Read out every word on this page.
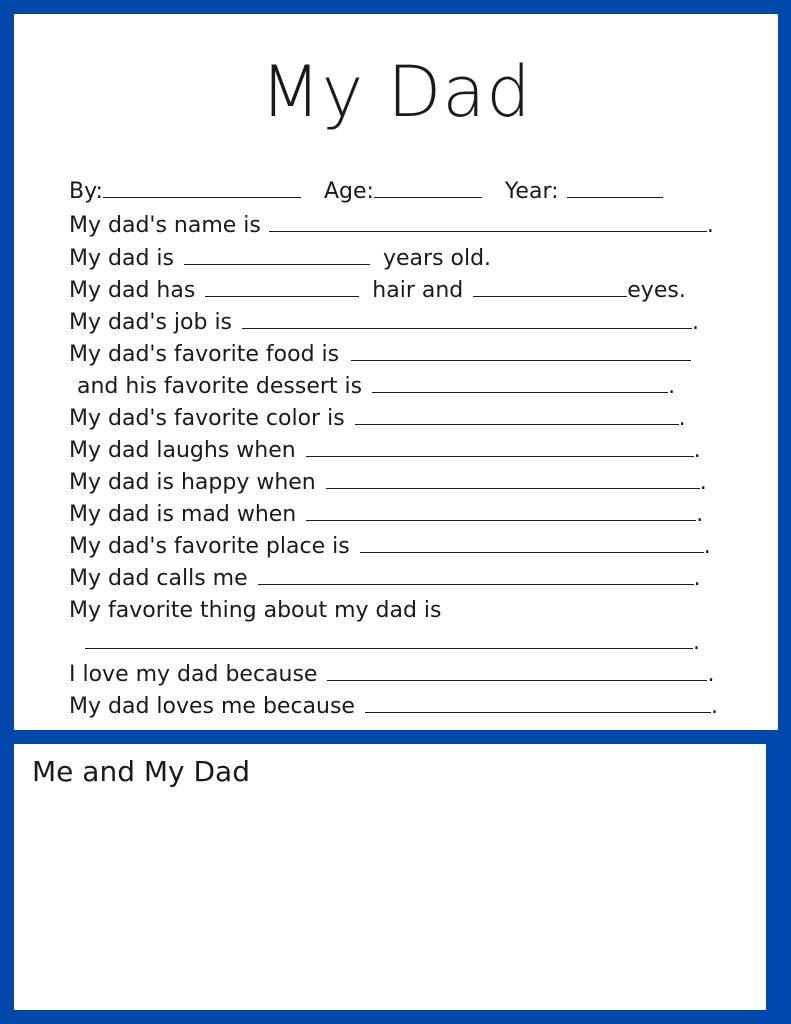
My Dad
By:	Age:	Year:
My dad's name is	.
My dad is	years old.
My dad has	hair and	eyes.
My dad's job is	.
My dad's favorite food is
and his favorite dessert is	.
My dad's favorite color is	.
My dad laughs when	.
My dad is happy when	.
My dad is mad when	.
My dad's favorite place is	.
My dad calls me	.
My favorite thing about my dad is
.
I love my dad because	.
My dad loves me because	.
Me and My Dad
